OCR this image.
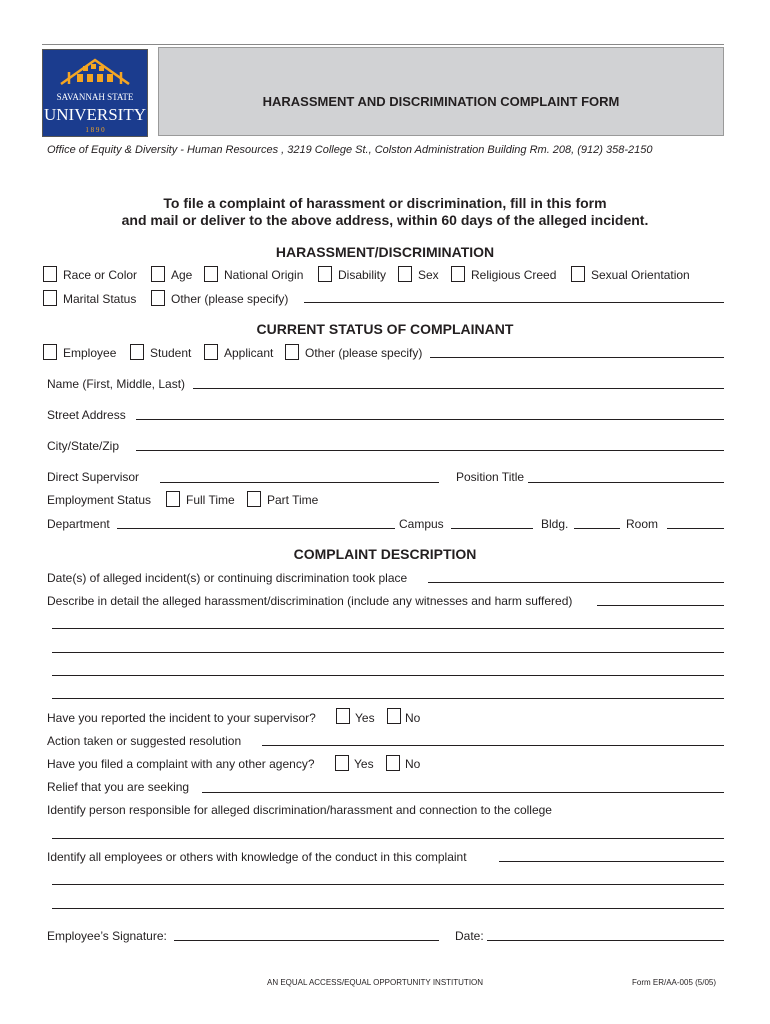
SAVANNAH STATE
UNIVERSITY
1 8 9 0
HARASSMENT AND DISCRIMINATION COMPLAINT FORM
Office of Equity & Diversity - Human Resources , 3219 College St., Colston Administration Building Rm. 208, (912) 358-2150
To file a complaint of harassment or discrimination, fill in this form
and mail or deliver to the above address, within 60 days of the alleged incident.
HARASSMENT/DISCRIMINATION
Race or Color	Age	National Origin	Disability	Sex	Religious Creed	Sexual Orientation
Marital Status	Other (please specify)
CURRENT STATUS OF COMPLAINANT
Employee	Student	Applicant	Other (please specify)
Name (First, Middle, Last)
Street Address
City/State/Zip
Direct Supervisor	Position Title
Employment Status	Full Time	Part Time
Department	Campus	Bldg.	Room
COMPLAINT DESCRIPTION
Date(s) of alleged incident(s) or continuing discrimination took place
Describe in detail the alleged harassment/discrimination (include any witnesses and harm suffered)
Have you reported the incident to your supervisor?	Yes	No
Action taken or suggested resolution
Have you filed a complaint with any other agency?	Yes	No
Relief that you are seeking
Identify person responsible for alleged discrimination/harassment and connection to the college
Identify all employees or others with knowledge of the conduct in this complaint
Employee’s Signature:	Date:
AN EQUAL ACCESS/EQUAL OPPORTUNITY INSTITUTION	Form ER/AA-005 (5/05)
